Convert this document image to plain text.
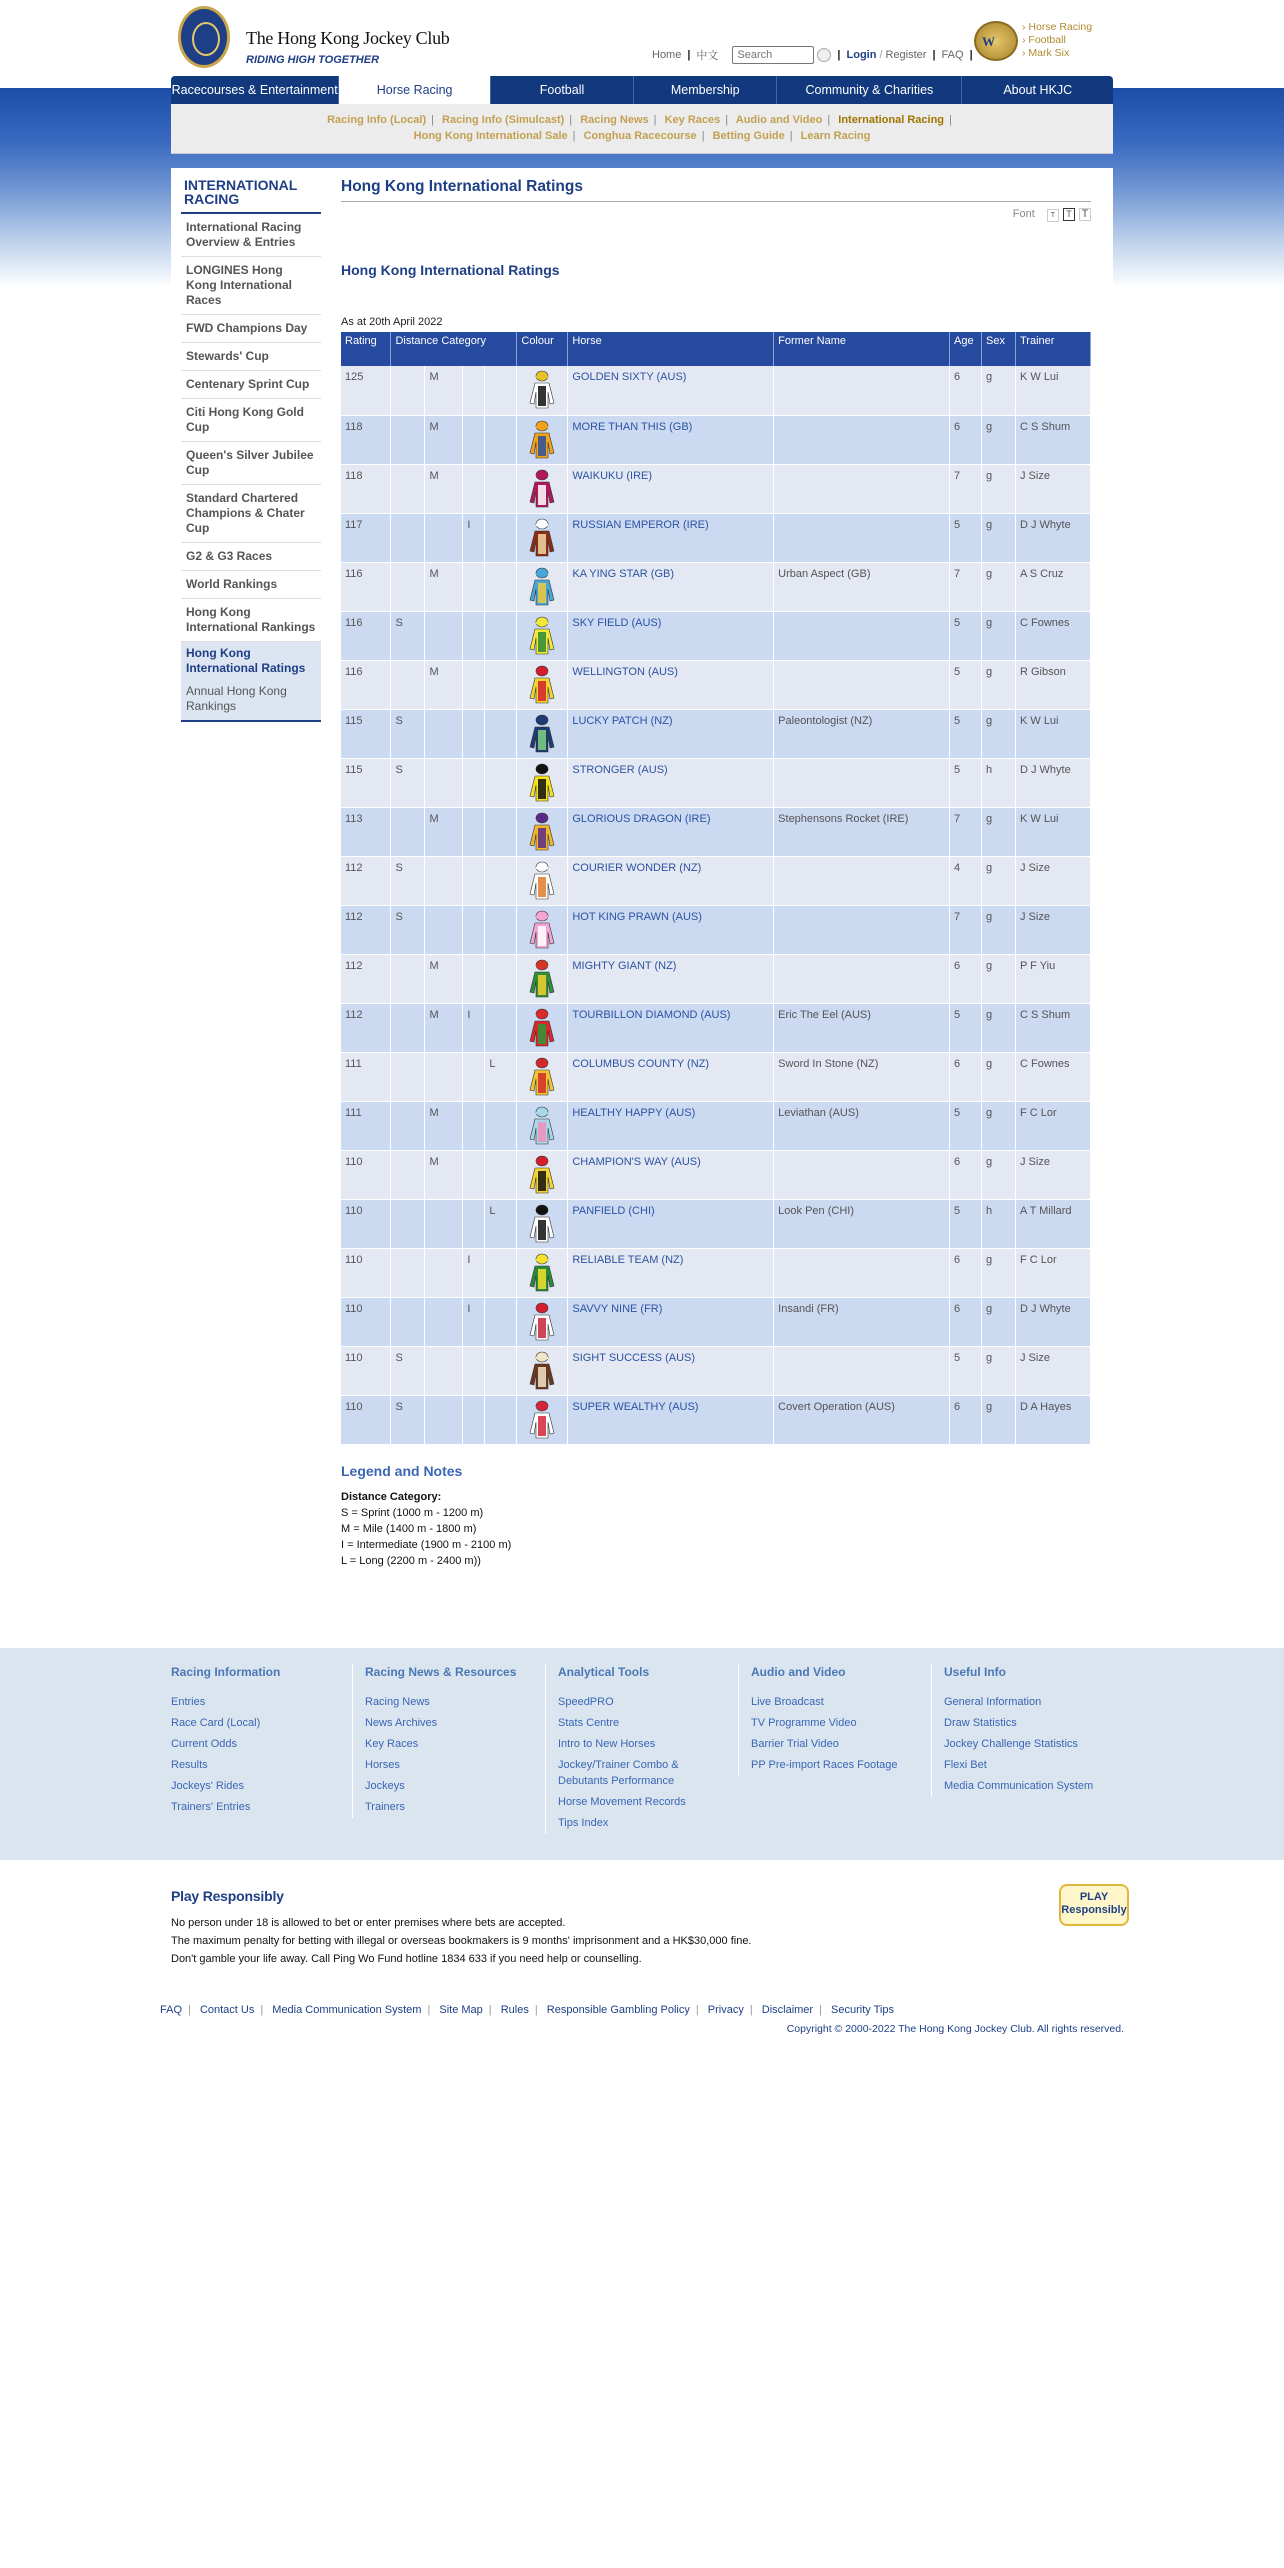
The Hong Kong Jockey Club
RIDING HIGH TOGETHER	Home | 中文
Search	| Login / Register | FAQ |
W
› Horse Racing
› Football
› Mark Six
Racecourses & Entertainment	Horse Racing	Football	Membership	Community & Charities	About HKJC
Racing Info (Local) | Racing Info (Simulcast) | Racing News | Key Races | Audio and Video | International Racing |
Hong Kong International Sale | Conghua Racecourse | Betting Guide | Learn Racing
INTERNATIONAL RACING
International Racing Overview & Entries
LONGINES Hong Kong International Races
FWD Champions Day
Stewards' Cup
Centenary Sprint Cup
Citi Hong Kong Gold Cup
Queen's Silver Jubilee Cup
Standard Chartered Champions & Chater Cup
G2 & G3 Races
World Rankings
Hong Kong International Rankings
Hong Kong International Ratings
Annual Hong Kong Rankings
Hong Kong International Ratings
Font T T T
Hong Kong International Ratings
As at 20th April 2022
Rating	Distance Category				Colour	Horse	Former Name	Age	Sex	Trainer
125		M				GOLDEN SIXTY (AUS)		6	g	K W Lui
118		M				MORE THAN THIS (GB)		6	g	C S Shum
118		M				WAIKUKU (IRE)		7	g	J Size
117			I			RUSSIAN EMPEROR (IRE)		5	g	D J Whyte
116		M				KA YING STAR (GB)	Urban Aspect (GB)	7	g	A S Cruz
116	S					SKY FIELD (AUS)		5	g	C Fownes
116		M				WELLINGTON (AUS)		5	g	R Gibson
115	S					LUCKY PATCH (NZ)	Paleontologist (NZ)	5	g	K W Lui
115	S					STRONGER (AUS)		5	h	D J Whyte
113		M				GLORIOUS DRAGON (IRE)	Stephensons Rocket (IRE)	7	g	K W Lui
112	S					COURIER WONDER (NZ)		4	g	J Size
112	S					HOT KING PRAWN (AUS)		7	g	J Size
112		M				MIGHTY GIANT (NZ)		6	g	P F Yiu
112		M	I			TOURBILLON DIAMOND (AUS)	Eric The Eel (AUS)	5	g	C S Shum
111				L		COLUMBUS COUNTY (NZ)	Sword In Stone (NZ)	6	g	C Fownes
111		M				HEALTHY HAPPY (AUS)	Leviathan (AUS)	5	g	F C Lor
110		M				CHAMPION'S WAY (AUS)		6	g	J Size
110				L		PANFIELD (CHI)	Look Pen (CHI)	5	h	A T Millard
110			I			RELIABLE TEAM (NZ)		6	g	F C Lor
110			I			SAVVY NINE (FR)	Insandi (FR)	6	g	D J Whyte
110	S					SIGHT SUCCESS (AUS)		5	g	J Size
110	S					SUPER WEALTHY (AUS)	Covert Operation (AUS)	6	g	D A Hayes
Legend and Notes
Distance Category:
S = Sprint (1000 m - 1200 m)
M = Mile (1400 m - 1800 m)
I = Intermediate (1900 m - 2100 m)
L = Long (2200 m - 2400 m))
Racing Information
Entries
Race Card (Local)
Current Odds
Results
Jockeys' Rides
Trainers' Entries
Racing News & Resources
Racing News
News Archives
Key Races
Horses
Jockeys
Trainers
Analytical Tools
SpeedPRO
Stats Centre
Intro to New Horses
Jockey/Trainer Combo & Debutants Performance
Horse Movement Records
Tips Index
Audio and Video
Live Broadcast
TV Programme Video
Barrier Trial Video
PP Pre-import Races Footage
Useful Info
General Information
Draw Statistics
Jockey Challenge Statistics
Flexi Bet
Media Communication System
Play Responsibly
No person under 18 is allowed to bet or enter premises where bets are accepted.
The maximum penalty for betting with illegal or overseas bookmakers is 9 months' imprisonment and a HK$30,000 fine.
Don't gamble your life away. Call Ping Wo Fund hotline 1834 633 if you need help or counselling.
PLAY Responsibly
FAQ | Contact Us | Media Communication System | Site Map | Rules | Responsible Gambling Policy | Privacy | Disclaimer | Security Tips
Copyright © 2000-2022 The Hong Kong Jockey Club. All rights reserved.
